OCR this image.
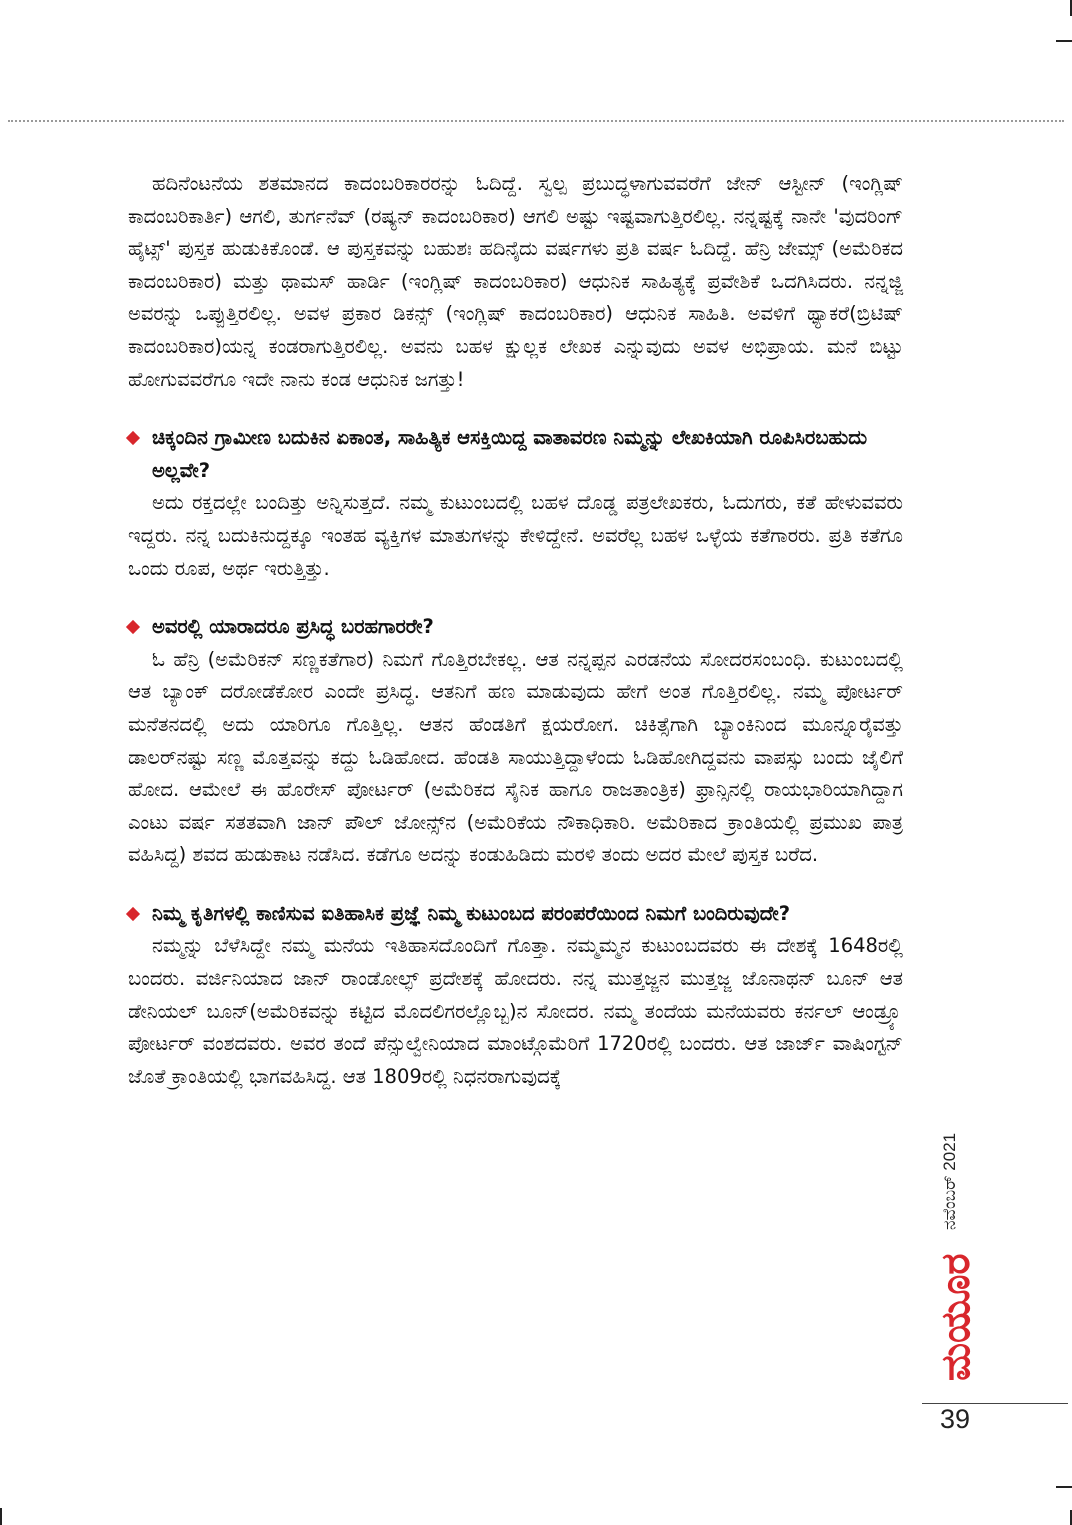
ಹದಿನೆಂಟನೆಯ ಶತಮಾನದ ಕಾದಂಬರಿಕಾರರನ್ನು ಓದಿದ್ದೆ. ಸ್ವಲ್ಪ ಪ್ರಬುದ್ಧಳಾಗುವವರೆಗೆ ಜೇನ್ ಆಸ್ಟೀನ್ (ಇಂಗ್ಲಿಷ್ ಕಾದಂಬರಿಕಾರ್ತಿ) ಆಗಲಿ, ತುರ್ಗನೆವ್ (ರಷ್ಯನ್ ಕಾದಂಬರಿಕಾರ) ಆಗಲಿ ಅಷ್ಟು ಇಷ್ಟವಾಗುತ್ತಿರಲಿಲ್ಲ. ನನ್ನಷ್ಟಕ್ಕೆ ನಾನೇ 'ವುದರಿಂಗ್ ಹೈಟ್ಸ್' ಪುಸ್ತಕ ಹುಡುಕಿಕೊಂಡೆ. ಆ ಪುಸ್ತಕವನ್ನು ಬಹುಶಃ ಹದಿನೈದು ವರ್ಷಗಳು ಪ್ರತಿ ವರ್ಷ ಓದಿದ್ದೆ. ಹೆನ್ರಿ ಜೇಮ್ಸ್ (ಅಮೆರಿಕದ ಕಾದಂಬರಿಕಾರ) ಮತ್ತು ಥಾಮಸ್ ಹಾರ್ಡಿ (ಇಂಗ್ಲಿಷ್ ಕಾದಂಬರಿಕಾರ) ಆಧುನಿಕ ಸಾಹಿತ್ಯಕ್ಕೆ ಪ್ರವೇಶಿಕೆ ಒದಗಿಸಿದರು. ನನ್ನಜ್ಜಿ ಅವರನ್ನು ಒಪ್ಪುತ್ತಿರಲಿಲ್ಲ. ಅವಳ ಪ್ರಕಾರ ಡಿಕನ್ಸ್ (ಇಂಗ್ಲಿಷ್ ಕಾದಂಬರಿಕಾರ) ಆಧುನಿಕ ಸಾಹಿತಿ. ಅವಳಿಗೆ ಥ್ಯಾಕರೆ(ಬ್ರಿಟಿಷ್ ಕಾದಂಬರಿಕಾರ)ಯನ್ನ ಕಂಡರಾಗುತ್ತಿರಲಿಲ್ಲ. ಅವನು ಬಹಳ ಕ್ಷುಲ್ಲಕ ಲೇಖಕ ಎನ್ನುವುದು ಅವಳ ಅಭಿಪ್ರಾಯ. ಮನೆ ಬಿಟ್ಟು ಹೋಗುವವರೆಗೂ ಇದೇ ನಾನು ಕಂಡ ಆಧುನಿಕ ಜಗತ್ತು!

ಚಿಕ್ಕಂದಿನ ಗ್ರಾಮೀಣ ಬದುಕಿನ ಏಕಾಂತ, ಸಾಹಿತ್ಯಿಕ ಆಸಕ್ತಿಯಿದ್ದ ವಾತಾವರಣ ನಿಮ್ಮನ್ನು ಲೇಖಕಿಯಾಗಿ ರೂಪಿಸಿರಬಹುದು ಅಲ್ಲವೇ?

ಅದು ರಕ್ತದಲ್ಲೇ ಬಂದಿತ್ತು ಅನ್ನಿಸುತ್ತದೆ. ನಮ್ಮ ಕುಟುಂಬದಲ್ಲಿ ಬಹಳ ದೊಡ್ಡ ಪತ್ರಲೇಖಕರು, ಓದುಗರು, ಕತೆ ಹೇಳುವವರು ಇದ್ದರು. ನನ್ನ ಬದುಕಿನುದ್ದಕ್ಕೂ ಇಂತಹ ವ್ಯಕ್ತಿಗಳ ಮಾತುಗಳನ್ನು ಕೇಳಿದ್ದೇನೆ. ಅವರೆಲ್ಲ ಬಹಳ ಒಳ್ಳೆಯ ಕತೆಗಾರರು. ಪ್ರತಿ ಕತೆಗೂ ಒಂದು ರೂಪ, ಅರ್ಥ ಇರುತ್ತಿತ್ತು.

ಅವರಲ್ಲಿ ಯಾರಾದರೂ ಪ್ರಸಿದ್ಧ ಬರಹಗಾರರೇ?

ಓ ಹೆನ್ರಿ (ಅಮೆರಿಕನ್ ಸಣ್ಣಕತೆಗಾರ) ನಿಮಗೆ ಗೊತ್ತಿರಬೇಕಲ್ಲ. ಆತ ನನ್ನಪ್ಪನ ಎರಡನೆಯ ಸೋದರಸಂಬಂಧಿ. ಕುಟುಂಬದಲ್ಲಿ ಆತ ಬ್ಯಾಂಕ್ ದರೋಡೆಕೋರ ಎಂದೇ ಪ್ರಸಿದ್ಧ. ಆತನಿಗೆ ಹಣ ಮಾಡುವುದು ಹೇಗೆ ಅಂತ ಗೊತ್ತಿರಲಿಲ್ಲ. ನಮ್ಮ ಪೋರ್ಟರ್ ಮನೆತನದಲ್ಲಿ ಅದು ಯಾರಿಗೂ ಗೊತ್ತಿಲ್ಲ. ಆತನ ಹೆಂಡತಿಗೆ ಕ್ಷಯರೋಗ. ಚಿಕಿತ್ಸೆಗಾಗಿ ಬ್ಯಾಂಕಿನಿಂದ ಮೂನ್ನೂರೈವತ್ತು ಡಾಲರ್‌ನಷ್ಟು ಸಣ್ಣ ಮೊತ್ತವನ್ನು ಕದ್ದು ಓಡಿಹೋದ. ಹೆಂಡತಿ ಸಾಯುತ್ತಿದ್ದಾಳೆಂದು ಓಡಿಹೋಗಿದ್ದವನು ವಾಪಸ್ಸು ಬಂದು ಜೈಲಿಗೆ ಹೋದ. ಆಮೇಲೆ ಈ ಹೊರೇಸ್ ಪೋರ್ಟರ್ (ಅಮೆರಿಕದ ಸೈನಿಕ ಹಾಗೂ ರಾಜತಾಂತ್ರಿಕ) ಫ್ರಾನ್ಸಿನಲ್ಲಿ ರಾಯಭಾರಿಯಾಗಿದ್ದಾಗ ಎಂಟು ವರ್ಷ ಸತತವಾಗಿ ಜಾನ್ ಪೌಲ್ ಜೋನ್ಸ್‌ನ (ಅಮೆರಿಕೆಯ ನೌಕಾಧಿಕಾರಿ. ಅಮೆರಿಕಾದ ಕ್ರಾಂತಿಯಲ್ಲಿ ಪ್ರಮುಖ ಪಾತ್ರ ವಹಿಸಿದ್ದ) ಶವದ ಹುಡುಕಾಟ ನಡೆಸಿದ. ಕಡೆಗೂ ಅದನ್ನು ಕಂಡುಹಿಡಿದು ಮರಳಿ ತಂದು ಅದರ ಮೇಲೆ ಪುಸ್ತಕ ಬರೆದ.

ನಿಮ್ಮ ಕೃತಿಗಳಲ್ಲಿ ಕಾಣಿಸುವ ಐತಿಹಾಸಿಕ ಪ್ರಜ್ಞೆ ನಿಮ್ಮ ಕುಟುಂಬದ ಪರಂಪರೆಯಿಂದ ನಿಮಗೆ ಬಂದಿರುವುದೇ?

ನಮ್ಮನ್ನು ಬೆಳೆಸಿದ್ದೇ ನಮ್ಮ ಮನೆಯ ಇತಿಹಾಸದೊಂದಿಗೆ ಗೊತ್ತಾ. ನಮ್ಮಮ್ಮನ ಕುಟುಂಬದವರು ಈ ದೇಶಕ್ಕೆ 1648ರಲ್ಲಿ ಬಂದರು. ವರ್ಜಿನಿಯಾದ ಜಾನ್ ರಾಂಡೋಲ್ಫ್ ಪ್ರದೇಶಕ್ಕೆ ಹೋದರು. ನನ್ನ ಮುತ್ತಜ್ಜನ ಮುತ್ತಜ್ಜ ಜೊನಾಥನ್ ಬೂನ್ ಆತ ಡೇನಿಯಲ್ ಬೂನ್(ಅಮೆರಿಕವನ್ನು ಕಟ್ಟಿದ ಮೊದಲಿಗರಲ್ಲೊಬ್ಬ)ನ ಸೋದರ. ನಮ್ಮ ತಂದೆಯ ಮನೆಯವರು ಕರ್ನಲ್ ಆಂಡ್ರ್ಯೂ ಪೋರ್ಟರ್ ವಂಶದವರು. ಅವರ ತಂದೆ ಪೆನ್ಸುಲ್ವೇನಿಯಾದ ಮಾಂಟ್ಗೊಮೆರಿಗೆ 1720ರಲ್ಲಿ ಬಂದರು. ಆತ ಜಾರ್ಜ್ ವಾಷಿಂಗ್ಟನ್ ಜೊತೆ ಕ್ರಾಂತಿಯಲ್ಲಿ ಭಾಗವಹಿಸಿದ್ದ. ಆತ 1809ರಲ್ಲಿ ನಿಧನರಾಗುವುದಕ್ಕೆ

ನವೆಂಬರ್ 2021
ಮಯೂರ
39
